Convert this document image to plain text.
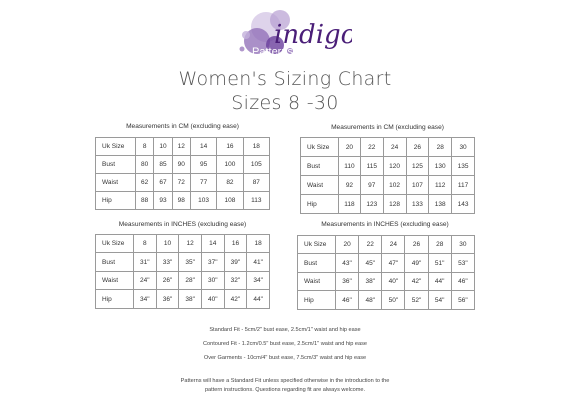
indigo
Patterns
Women's Sizing Chart
Sizes 8 -30
Measurements in CM (excluding ease)
Uk Size	8	10	12	14	16	18
Bust	80	85	90	95	100	105
Waist	62	67	72	77	82	87
Hip	88	93	98	103	108	113
Measurements in CM (excluding ease)
Uk Size	20	22	24	26	28	30
Bust	110	115	120	125	130	135
Waist	92	97	102	107	112	117
Hip	118	123	128	133	138	143
Measurements in INCHES (excluding ease)
Uk Size	8	10	12	14	16	18
Bust	31"	33"	35"	37"	39"	41"
Waist	24"	26"	28"	30"	32"	34"
Hip	34"	36"	38"	40"	42"	44"
Measurements in INCHES (excluding ease)
Uk Size	20	22	24	26	28	30
Bust	43"	45"	47"	49"	51"	53"
Waist	36"	38"	40"	42"	44"	46"
Hip	46"	48"	50"	52"	54"	56"
Standard Fit - 5cm/2" bust ease, 2.5cm/1" waist and hip ease
Contoured Fit - 1.2cm/0.5" bust ease, 2.5cm/1" waist and hip ease
Over Garments - 10cm/4" bust ease, 7.5cm/3" waist and hip ease
Patterns will have a Standard Fit unless specified otherwise in the introduction to the
pattern instructions. Questions regarding fit are always welcome.
